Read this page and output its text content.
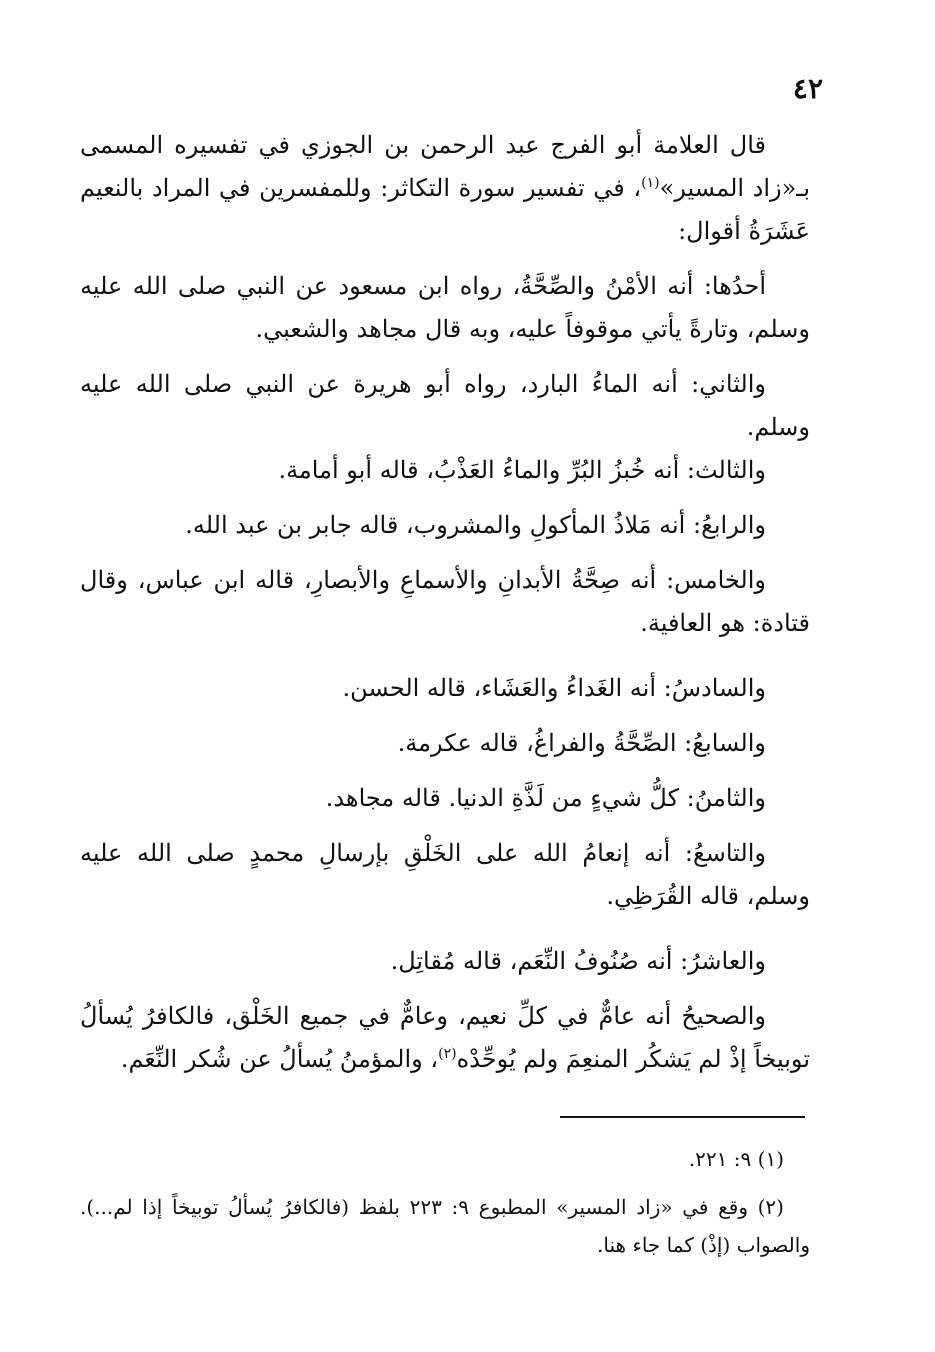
٤٢

قال العلامة أبو الفرج عبد الرحمن بن الجوزي في تفسيره المسمى بـ«زاد المسير»$^{(١)}$، في تفسير سورة التكاثر: وللمفسرين في المراد بالنعيم عَشَرَةُ أقوال:

أحدُها: أنه الأمْنُ والصِّحَّةُ، رواه ابن مسعود عن النبي صلى الله عليه وسلم، وتارةً يأتي موقوفاً عليه، وبه قال مجاهد والشعبي.

والثاني: أنه الماءُ البارد، رواه أبو هريرة عن النبي صلى الله عليه وسلم.

والثالث: أنه خُبزُ البُرِّ والماءُ العَذْبُ، قاله أبو أمامة.

والرابعُ: أنه مَلاذُ المأكولِ والمشروب، قاله جابر بن عبد الله.

والخامس: أنه صِحَّةُ الأبدانِ والأسماعِ والأبصارِ، قاله ابن عباس، وقال قتادة: هو العافية.

والسادسُ: أنه الغَداءُ والعَشَاء، قاله الحسن.

والسابعُ: الصِّحَّةُ والفراغُ، قاله عكرمة.

والثامنُ: كلُّ شيءٍ من لَذَّةِ الدنيا. قاله مجاهد.

والتاسعُ: أنه إنعامُ الله على الخَلْقِ بإرسالِ محمدٍ صلى الله عليه وسلم، قاله القُرَظِي.

والعاشرُ: أنه صُنُوفُ النِّعَم، قاله مُقاتِل.

والصحيحُ أنه عامٌّ في كلِّ نعيم، وعامٌّ في جميع الخَلْق، فالكافرُ يُسألُ توبيخاً إذْ لم يَشكُر المنعِمَ ولم يُوحِّدْه$^{(٢)}$، والمؤمنُ يُسألُ عن شُكر النِّعَم.

(١) ٩: ٢٢١.

(٢) وقع في «زاد المسير» المطبوع ٩: ٢٢٣ بلفظ (فالكافرُ يُسألُ توبيخاً إذا لم...). والصواب (إذْ) كما جاء هنا.
